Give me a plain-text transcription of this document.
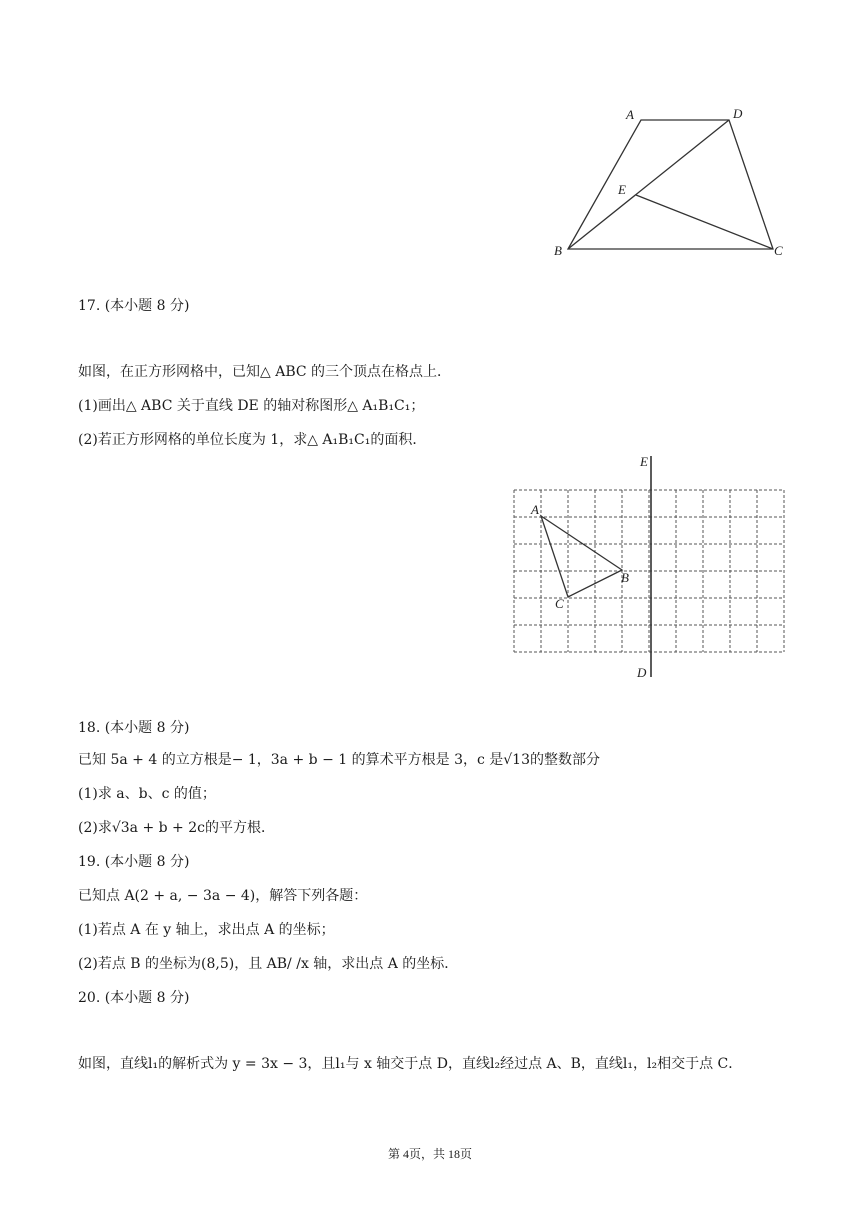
A	D
E
B	C
17. (本小题 8 分)
如图，在正方形网格中，已知△ ABC 的三个顶点在格点上．
(1)画出△ ABC 关于直线 DE 的轴对称图形△ A₁B₁C₁；
(2)若正方形网格的单位长度为 1，求△ A₁B₁C₁的面积．
E
D
A
B
C
18. (本小题 8 分)
已知 5a + 4 的立方根是− 1，3a + b − 1 的算术平方根是 3，c 是√13的整数部分
(1)求 a、b、c 的值；
(2)求√3a + b + 2c的平方根．
19. (本小题 8 分)
已知点 A(2 + a, − 3a − 4)，解答下列各题：
(1)若点 A 在 y 轴上，求出点 A 的坐标；
(2)若点 B 的坐标为(8,5)，且 AB/ /x 轴，求出点 A 的坐标．
20. (本小题 8 分)
如图，直线l₁的解析式为 y = 3x − 3，且l₁与 x 轴交于点 D，直线l₂经过点 A、B，直线l₁，l₂相交于点 C．
第 4页，共 18页
